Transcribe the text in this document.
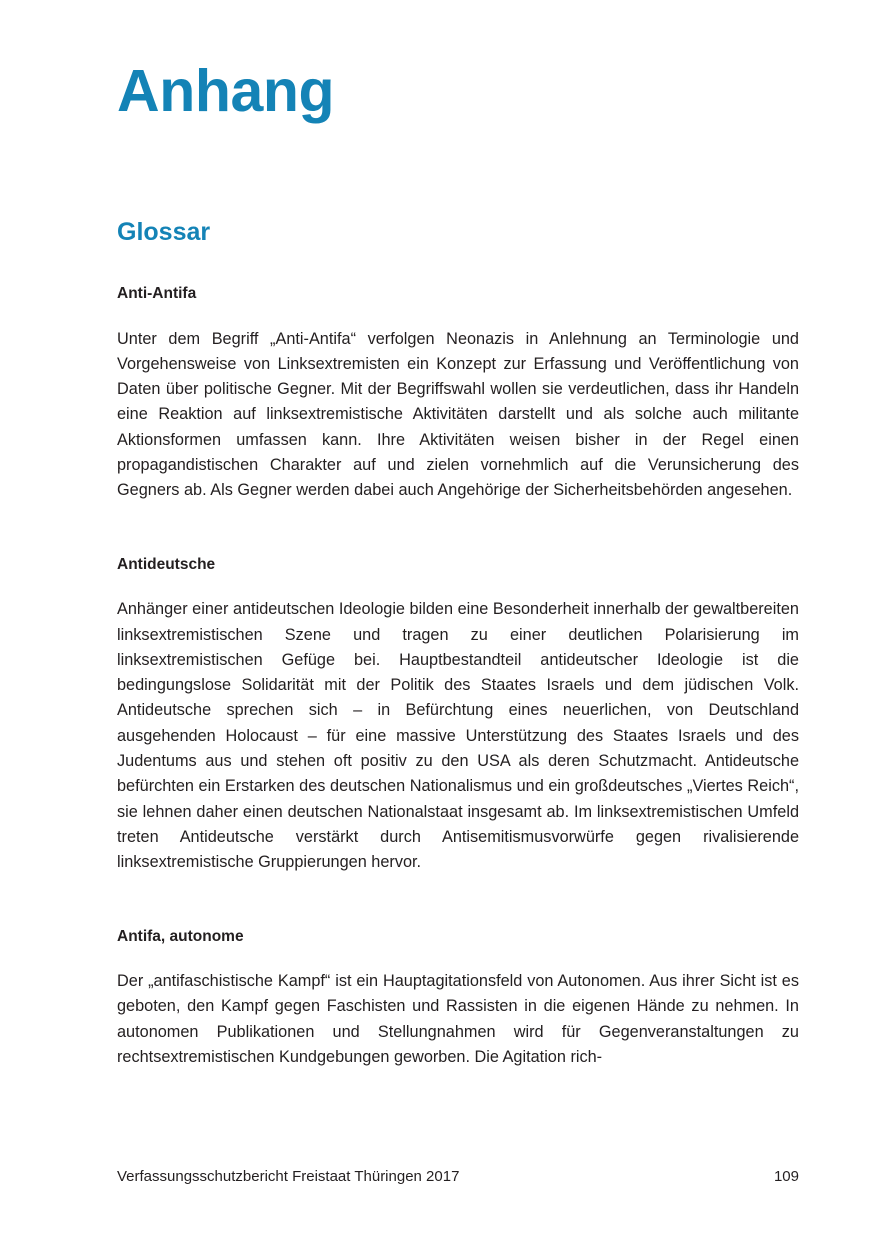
Anhang
Glossar
Anti-Antifa

Unter dem Begriff „Anti-Antifa“ verfolgen Neonazis in Anlehnung an Terminologie und Vorgehensweise von Linksextremisten ein Konzept zur Erfassung und Veröffentlichung von Daten über politische Gegner. Mit der Begriffswahl wollen sie verdeutlichen, dass ihr Handeln eine Reaktion auf linksextremistische Aktivitäten darstellt und als solche auch militante Aktionsformen umfassen kann. Ihre Aktivitäten weisen bisher in der Regel einen propagandistischen Charakter auf und zielen vornehmlich auf die Verunsicherung des Gegners ab. Als Gegner werden dabei auch Angehörige der Sicherheitsbehörden angesehen.

Antideutsche

Anhänger einer antideutschen Ideologie bilden eine Besonderheit innerhalb der gewaltbereiten linksextremistischen Szene und tragen zu einer deutlichen Polarisierung im linksextremistischen Gefüge bei. Hauptbestandteil antideutscher Ideologie ist die bedingungslose Solidarität mit der Politik des Staates Israels und dem jüdischen Volk. Antideutsche sprechen sich – in Befürchtung eines neuerlichen, von Deutschland ausgehenden Holocaust – für eine massive Unterstützung des Staates Israels und des Judentums aus und stehen oft positiv zu den USA als deren Schutzmacht. Antideutsche befürchten ein Erstarken des deutschen Nationalismus und ein großdeutsches „Viertes Reich“, sie lehnen daher einen deutschen Nationalstaat insgesamt ab. Im linksextremistischen Umfeld treten Antideutsche verstärkt durch Antisemitismusvorwürfe gegen rivalisierende linksextremistische Gruppierungen hervor.

Antifa, autonome

Der „antifaschistische Kampf“ ist ein Hauptagitationsfeld von Autonomen. Aus ihrer Sicht ist es geboten, den Kampf gegen Faschisten und Rassisten in die eigenen Hände zu nehmen. In autonomen Publikationen und Stellungnahmen wird für Gegenveranstaltungen zu rechtsextremistischen Kundgebungen geworben. Die Agitation rich-

Verfassungsschutzbericht Freistaat Thüringen 2017	109
